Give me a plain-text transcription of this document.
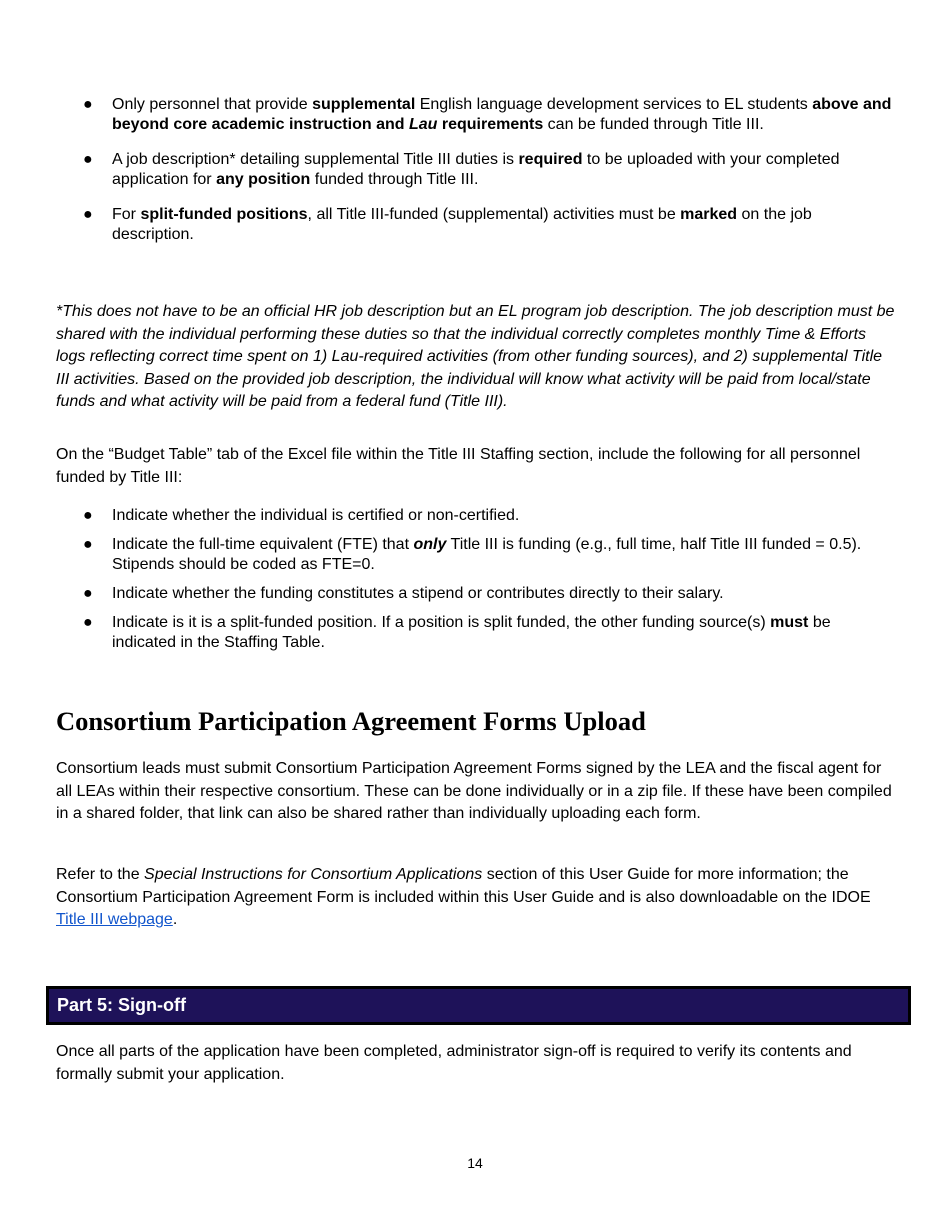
● Only personnel that provide supplemental English language development services to EL students above and beyond core academic instruction and Lau requirements can be funded through Title III.
● A job description* detailing supplemental Title III duties is required to be uploaded with your completed application for any position funded through Title III.
● For split-funded positions, all Title III-funded (supplemental) activities must be marked on the job description.

*This does not have to be an official HR job description but an EL program job description. The job description must be shared with the individual performing these duties so that the individual correctly completes monthly Time & Efforts logs reflecting correct time spent on 1) Lau-required activities (from other funding sources), and 2) supplemental Title III activities. Based on the provided job description, the individual will know what activity will be paid from local/state funds and what activity will be paid from a federal fund (Title III).

On the “Budget Table” tab of the Excel file within the Title III Staffing section, include the following for all personnel funded by Title III:

● Indicate whether the individual is certified or non-certified.
● Indicate the full-time equivalent (FTE) that only Title III is funding (e.g., full time, half Title III funded = 0.5). Stipends should be coded as FTE=0.
● Indicate whether the funding constitutes a stipend or contributes directly to their salary.
● Indicate is it is a split-funded position. If a position is split funded, the other funding source(s) must be indicated in the Staffing Table.
Consortium Participation Agreement Forms Upload

Consortium leads must submit Consortium Participation Agreement Forms signed by the LEA and the fiscal agent for all LEAs within their respective consortium. These can be done individually or in a zip file. If these have been compiled in a shared folder, that link can also be shared rather than individually uploading each form.

Refer to the Special Instructions for Consortium Applications section of this User Guide for more information; the Consortium Participation Agreement Form is included within this User Guide and is also downloadable on the IDOE Title III webpage.

Part 5: Sign-off

Once all parts of the application have been completed, administrator sign-off is required to verify its contents and formally submit your application.

14
